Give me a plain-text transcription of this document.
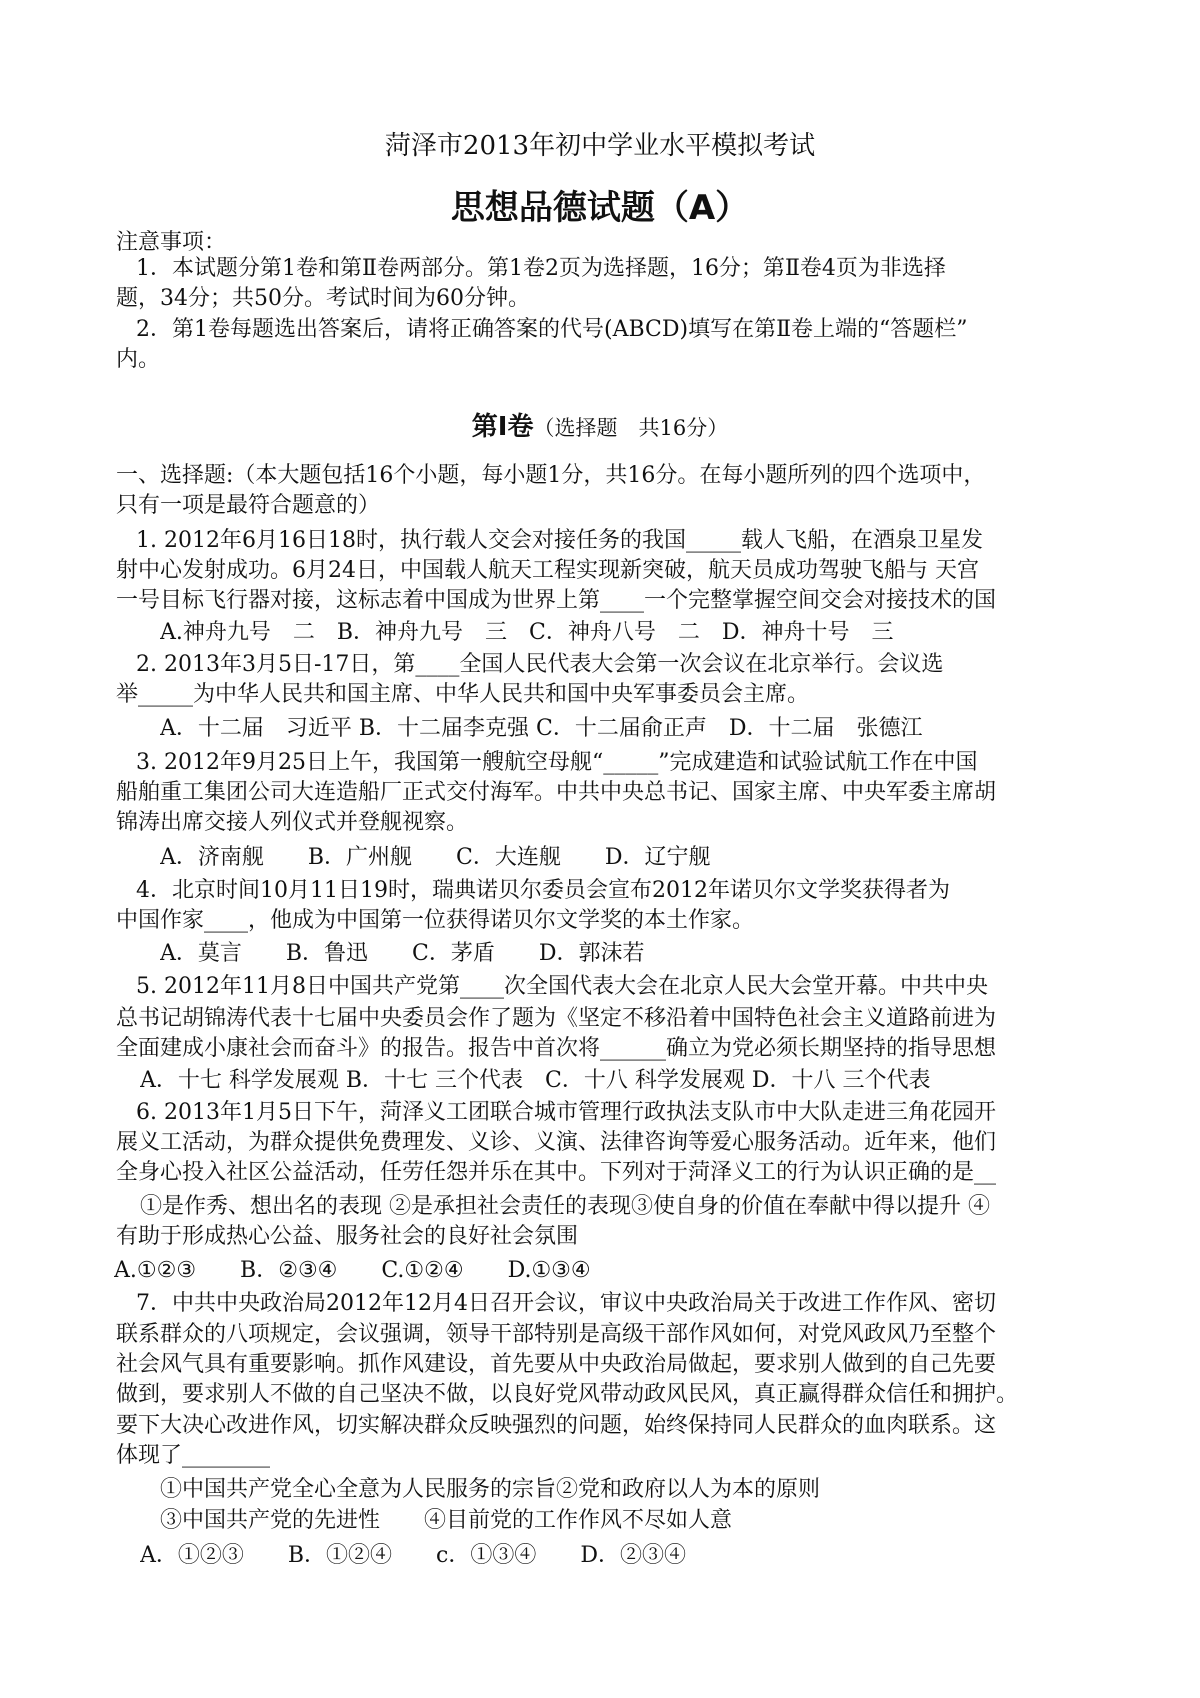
菏泽市2013年初中学业水平模拟考试
思想品德试题（A）
注意事项：
1．本试题分第1卷和第Ⅱ卷两部分。第1卷2页为选择题，16分；第Ⅱ卷4页为非选择
题，34分；共50分。考试时间为60分钟。
2．第1卷每题选出答案后，请将正确答案的代号(ABCD)填写在第Ⅱ卷上端的“答题栏”
内。
第Ⅰ卷（选择题　共16分）
一、选择题:（本大题包括16个小题，每小题1分，共16分。在每小题所列的四个选项中，
只有一项是最符合题意的）
1. 2012年6月16日18时，执行载人交会对接任务的我国_____载人飞船，在酒泉卫星发
射中心发射成功。6月24日，中国载人航天工程实现新突破，航天员成功驾驶飞船与 天宫
一号目标飞行器对接，这标志着中国成为世界上第____一个完整掌握空间交会对接技术的国
A.神舟九号　二　B．神舟九号　三　C．神舟八号　二　D．神舟十号　三
2. 2013年3月5日-17日，第____全国人民代表大会第一次会议在北京举行。会议选
举_____为中华人民共和国主席、中华人民共和国中央军事委员会主席。
A．十二届　习近平 B．十二届李克强 C．十二届俞正声　D．十二届　张德江
3. 2012年9月25日上午，我国第一艘航空母舰“_____”完成建造和试验试航工作在中国
船舶重工集团公司大连造船厂正式交付海军。中共中央总书记、国家主席、中央军委主席胡
锦涛出席交接人列仪式并登舰视察。
A．济南舰　　B．广州舰　　C．大连舰　　D．辽宁舰
4．北京时间10月11日19时，瑞典诺贝尔委员会宣布2012年诺贝尔文学奖获得者为
中国作家____，他成为中国第一位获得诺贝尔文学奖的本土作家。
A．莫言　　B．鲁迅　　C．茅盾　　D．郭沫若
5. 2012年11月8日中国共产党第____次全国代表大会在北京人民大会堂开幕。中共中央
总书记胡锦涛代表十七届中央委员会作了题为《坚定不移沿着中国特色社会主义道路前进为
全面建成小康社会而奋斗》的报告。报告中首次将______确立为党必须长期坚持的指导思想
A．十七 科学发展观 B．十七 三个代表　C．十八 科学发展观 D．十八 三个代表
6. 2013年1月5日下午，菏泽义工团联合城市管理行政执法支队市中大队走进三角花园开
展义工活动，为群众提供免费理发、义诊、义演、法律咨询等爱心服务活动。近年来，他们
全身心投入社区公益活动，任劳任怨并乐在其中。下列对于菏泽义工的行为认识正确的是__
①是作秀、想出名的表现 ②是承担社会责任的表现③使自身的价值在奉献中得以提升 ④
有助于形成热心公益、服务社会的良好社会氛围
A.①②③　　B．②③④　　C.①②④　　D.①③④
7．中共中央政治局2012年12月4日召开会议，审议中央政治局关于改进工作作风、密切
联系群众的八项规定，会议强调，领导干部特别是高级干部作风如何，对党风政风乃至整个
社会风气具有重要影响。抓作风建设，首先要从中央政治局做起，要求别人做到的自己先要
做到，要求别人不做的自己坚决不做，以良好党风带动政风民风，真正赢得群众信任和拥护。
要下大决心改进作风，切实解决群众反映强烈的问题，始终保持同人民群众的血肉联系。这
体现了________
①中国共产党全心全意为人民服务的宗旨②党和政府以人为本的原则
③中国共产党的先进性　　④目前党的工作作风不尽如人意
A．①②③　　B．①②④　　c．①③④　　D．②③④
